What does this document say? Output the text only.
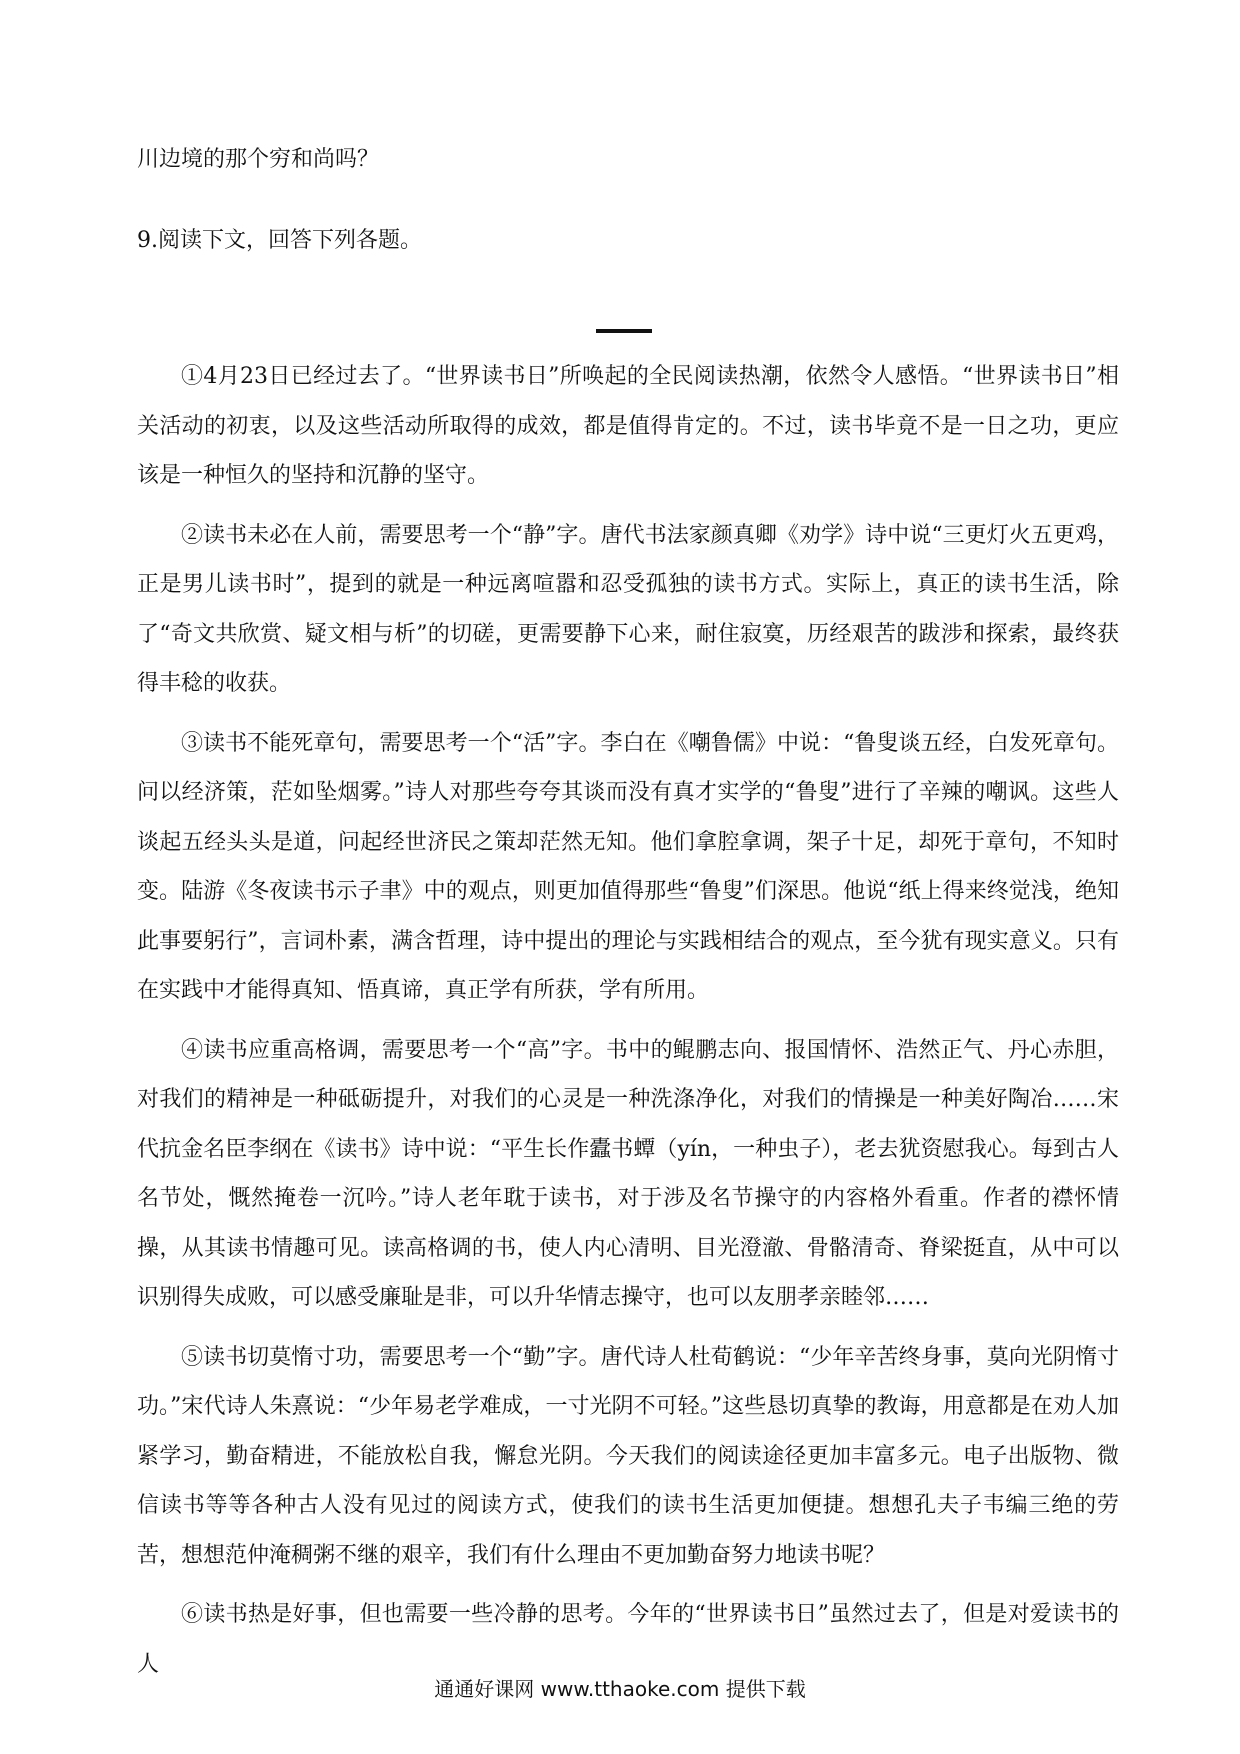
川边境的那个穷和尚吗？
9.阅读下文，回答下列各题。

①4月23日已经过去了。“世界读书日”所唤起的全民阅读热潮，依然令人感悟。“世界读书日”相关活动的初衷，以及这些活动所取得的成效，都是值得肯定的。不过，读书毕竟不是一日之功，更应该是一种恒久的坚持和沉静的坚守。

②读书未必在人前，需要思考一个“静”字。唐代书法家颜真卿《劝学》诗中说“三更灯火五更鸡，正是男儿读书时”，提到的就是一种远离喧嚣和忍受孤独的读书方式。实际上，真正的读书生活，除了“奇文共欣赏、疑文相与析”的切磋，更需要静下心来，耐住寂寞，历经艰苦的跋涉和探索，最终获得丰稔的收获。

③读书不能死章句，需要思考一个“活”字。李白在《嘲鲁儒》中说：“鲁叟谈五经，白发死章句。问以经济策，茫如坠烟雾。”诗人对那些夸夸其谈而没有真才实学的“鲁叟”进行了辛辣的嘲讽。这些人谈起五经头头是道，问起经世济民之策却茫然无知。他们拿腔拿调，架子十足，却死于章句，不知时变。陆游《冬夜读书示子聿》中的观点，则更加值得那些“鲁叟”们深思。他说“纸上得来终觉浅，绝知此事要躬行”，言词朴素，满含哲理，诗中提出的理论与实践相结合的观点，至今犹有现实意义。只有在实践中才能得真知、悟真谛，真正学有所获，学有所用。

④读书应重高格调，需要思考一个“高”字。书中的鲲鹏志向、报国情怀、浩然正气、丹心赤胆，对我们的精神是一种砥砺提升，对我们的心灵是一种洗涤净化，对我们的情操是一种美好陶冶……宋代抗金名臣李纲在《读书》诗中说：“平生长作蠹书蟫（yín，一种虫子），老去犹资慰我心。每到古人名节处，慨然掩卷一沉吟。”诗人老年耽于读书，对于涉及名节操守的内容格外看重。作者的襟怀情操，从其读书情趣可见。读高格调的书，使人内心清明、目光澄澈、骨骼清奇、脊梁挺直，从中可以识别得失成败，可以感受廉耻是非，可以升华情志操守，也可以友朋孝亲睦邻……

⑤读书切莫惰寸功，需要思考一个“勤”字。唐代诗人杜荀鹤说：“少年辛苦终身事，莫向光阴惰寸功。”宋代诗人朱熹说：“少年易老学难成，一寸光阴不可轻。”这些恳切真挚的教诲，用意都是在劝人加紧学习，勤奋精进，不能放松自我，懈怠光阴。今天我们的阅读途径更加丰富多元。电子出版物、微信读书等等各种古人没有见过的阅读方式，使我们的读书生活更加便捷。想想孔夫子韦编三绝的劳苦，想想范仲淹稠粥不继的艰辛，我们有什么理由不更加勤奋努力地读书呢？

⑥读书热是好事，但也需要一些冷静的思考。今年的“世界读书日”虽然过去了，但是对爱读书的人

通通好课网 www.tthaoke.com 提供下载
